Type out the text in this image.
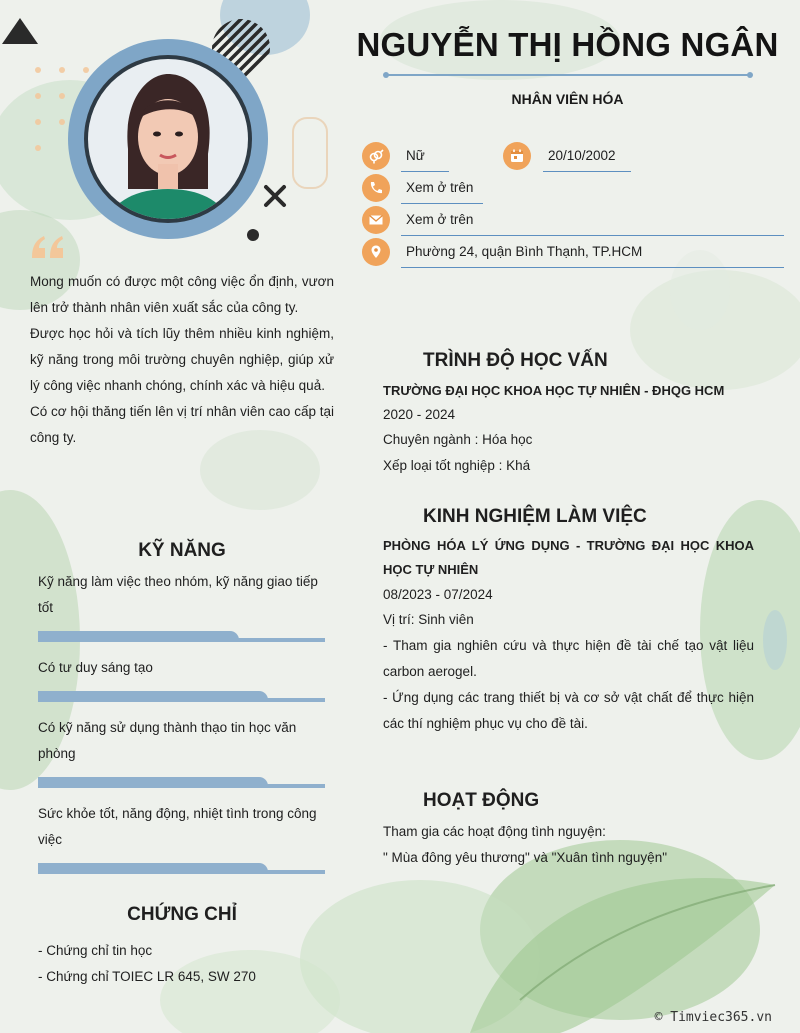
NGUYỄN THỊ HỒNG NGÂN
NHÂN VIÊN HÓA
Nữ	20/10/2002
Xem ở trên
Xem ở trên
Phường 24, quận Bình Thạnh, TP.HCM

Mong muốn có được một công việc ổn định, vươn lên trở thành nhân viên xuất sắc của công ty.

Được học hỏi và tích lũy thêm nhiều kinh nghiệm, kỹ năng trong môi trường chuyên nghiệp, giúp xử lý công việc nhanh chóng, chính xác và hiệu quả.

Có cơ hội thăng tiến lên vị trí nhân viên cao cấp tại công ty.

KỸ NĂNG
Kỹ năng làm việc theo nhóm, kỹ năng giao tiếp tốt
Có tư duy sáng tạo
Có kỹ năng sử dụng thành thạo tin học văn phòng
Sức khỏe tốt, năng động, nhiệt tình trong công việc
CHỨNG CHỈ
- Chứng chỉ tin học
- Chứng chỉ TOIEC LR 645, SW 270
TRÌNH ĐỘ HỌC VẤN
TRƯỜNG ĐẠI HỌC KHOA HỌC TỰ NHIÊN - ĐHQG HCM
2020 - 2024
Chuyên ngành : Hóa học
Xếp loại tốt nghiệp : Khá
KINH NGHIỆM LÀM VIỆC
PHÒNG HÓA LÝ ỨNG DỤNG - TRƯỜNG ĐẠI HỌC KHOA HỌC TỰ NHIÊN
08/2023 - 07/2024
Vị trí: Sinh viên
- Tham gia nghiên cứu và thực hiện đề tài chế tạo vật liệu carbon aerogel.
- Ứng dụng các trang thiết bị và cơ sở vật chất để thực hiện các thí nghiệm phục vụ cho đề tài.
HOẠT ĐỘNG
Tham gia các hoạt động tình nguyện:
" Mùa đông yêu thương" và "Xuân tình nguyện"
© Timviec365.vn
